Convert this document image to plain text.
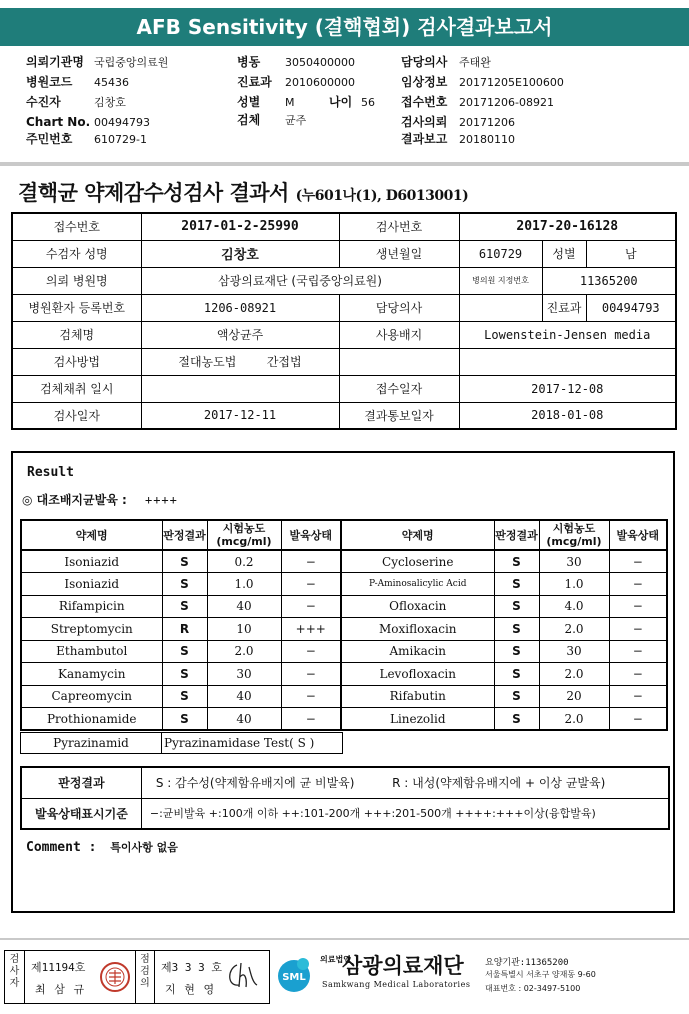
AFB Sensitivity (결핵협회) 검사결과보고서
의뢰기관명 국립중앙의료원
병원코드 45436
수진자	김창호
Chart No. 00494793
주민번호 610729-1
병동 3050400000
진료과 2010600000
성별 M	나이 56
검체 균주
담당의사 주태완
임상정보 20171205E100600
접수번호 20171206-08921
검사의뢰 20171206
결과보고 20180110
결핵균 약제감수성검사 결과서 (누601나(1), D6013001)
접수번호	2017-01-2-25990	검사번호	2017-20-16128		
수검자 성명	김창호	생년월일	610729	성별	남
의뢰 병원명	삼광의료재단 (국립중앙의료원)		병의원 지정번호	11365200	
병원환자 등록번호	1206-08921	담당의사		진료과	00494793
검체명	액상균주	사용배지	Lowenstein-Jensen media		
검사방법	절대농도법 간접법				
검체채취 일시		접수일자	2017-12-08		
검사일자	2017-12-11	결과통보일자	2018-01-08		
Result
◎ 대조배지균발육 : ++++
약제명	판정결과	시험농도(mcg/ml)	발육상태	약제명	판정결과	시험농도(mcg/ml)	발육상태
Isoniazid	S	0.2	−	Cycloserine	S	30	−
Isoniazid	S	1.0	−	P-Aminosalicylic Acid	S	1.0	−
Rifampicin	S	40	−	Ofloxacin	S	4.0	−
Streptomycin	R	10	+++	Moxifloxacin	S	2.0	−
Ethambutol	S	2.0	−	Amikacin	S	30	−
Kanamycin	S	30	−	Levofloxacin	S	2.0	−
Capreomycin	S	40	−	Rifabutin	S	20	−
Prothionamide	S	40	−	Linezolid	S	2.0	−
Pyrazinamid	Pyrazinamidase Test( S )
판정결과	S : 감수성(약제함유배지에 균 비발육)	R : 내성(약제함유배지에 + 이상 균발육)
발육상태표시기준	−:균비발육 +:100개 이하 ++:101-200개 +++:201-500개 ++++:+++이상(융합발육)	
Comment : 특이사항 없음
검사자
제11194호
최 삼 규
점검의
제3 3 3 호
지 현 영
SML
의료법인
삼광의료재단
Samkwang Medical Laboratories
요양기관:11365200
서울특별시 서초구 양재동 9-60
대표번호 : 02-3497-5100
